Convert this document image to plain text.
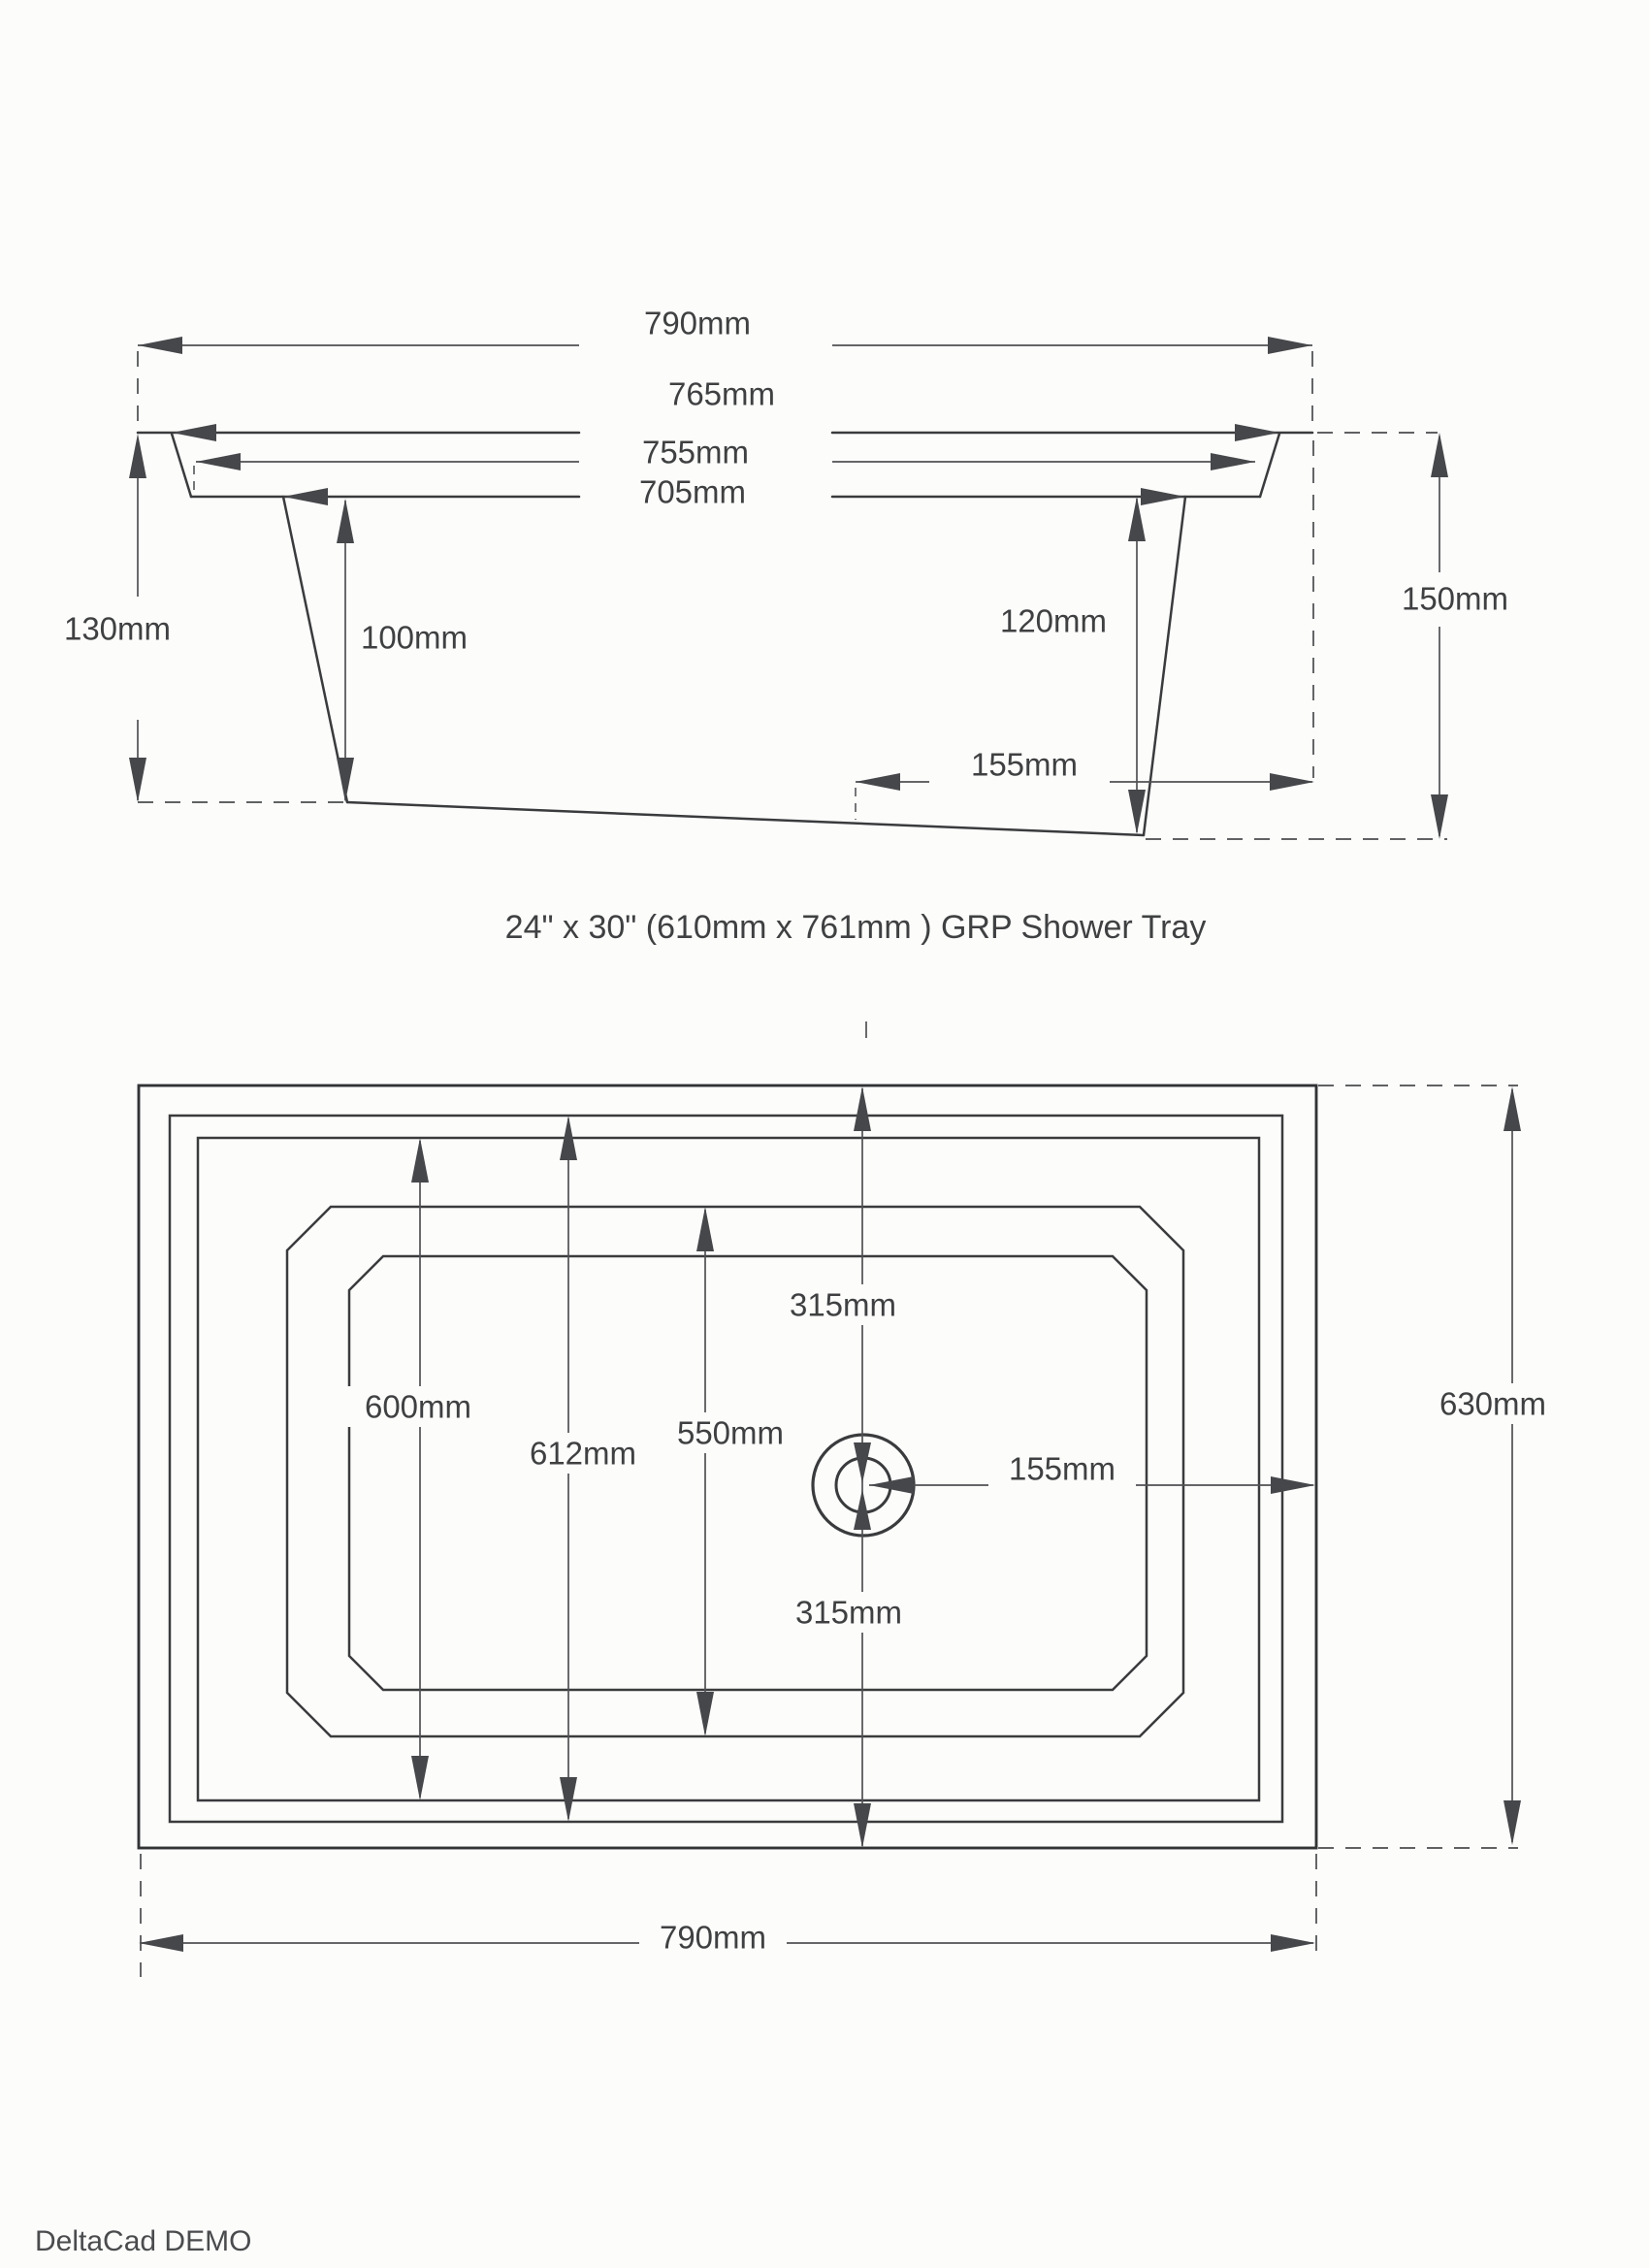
790mm
765mm
755mm
705mm
130mm	100mm	120mm
150mm
155mm
24" x 30" (610mm x 761mm ) GRP Shower Tray
315mm
600mm
612mm
550mm
155mm
630mm
315mm
790mm
DeltaCad DEMO
